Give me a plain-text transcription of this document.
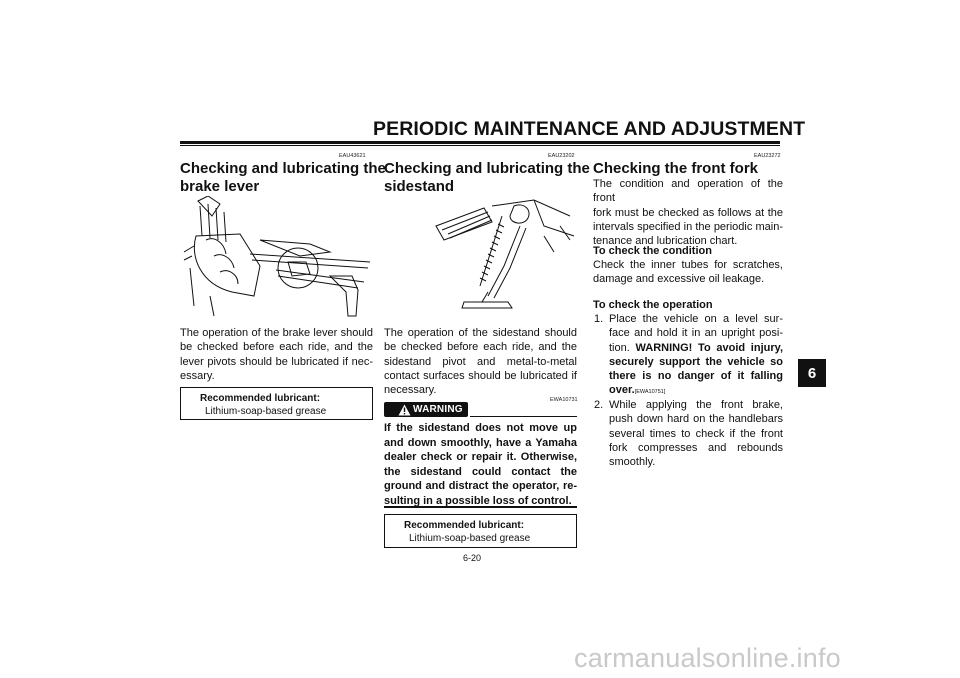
PERIODIC MAINTENANCE AND ADJUSTMENT
6
EAU43621
Checking and lubricating the
brake lever
The operation of the brake lever should
be checked before each ride, and the
lever pivots should be lubricated if nec-
essary.
Recommended lubricant:
Lithium-soap-based grease
EAU23202
Checking and lubricating the
sidestand
The operation of the sidestand should
be checked before each ride, and the
sidestand pivot and metal-to-metal
contact surfaces should be lubricated if
necessary.
EWA10731
WARNING
If the sidestand does not move up
and down smoothly, have a Yamaha
dealer check or repair it. Otherwise,
the sidestand could contact the
ground and distract the operator, re-
sulting in a possible loss of control.
Recommended lubricant:
Lithium-soap-based grease
6-20
EAU23272
Checking the front fork
The condition and operation of the front
fork must be checked as follows at the
intervals specified in the periodic main-
tenance and lubrication chart.
To check the condition
Check the inner tubes for scratches,
damage and excessive oil leakage.
To check the operation
1. Place the vehicle on a level sur-
face and hold it in an upright posi-
tion. WARNING! To avoid injury,
securely support the vehicle so
there is no danger of it falling
over.[EWA10751]
2. While applying the front brake,
push down hard on the handlebars
several times to check if the front
fork compresses and rebounds
smoothly.
carmanualsonline.info
